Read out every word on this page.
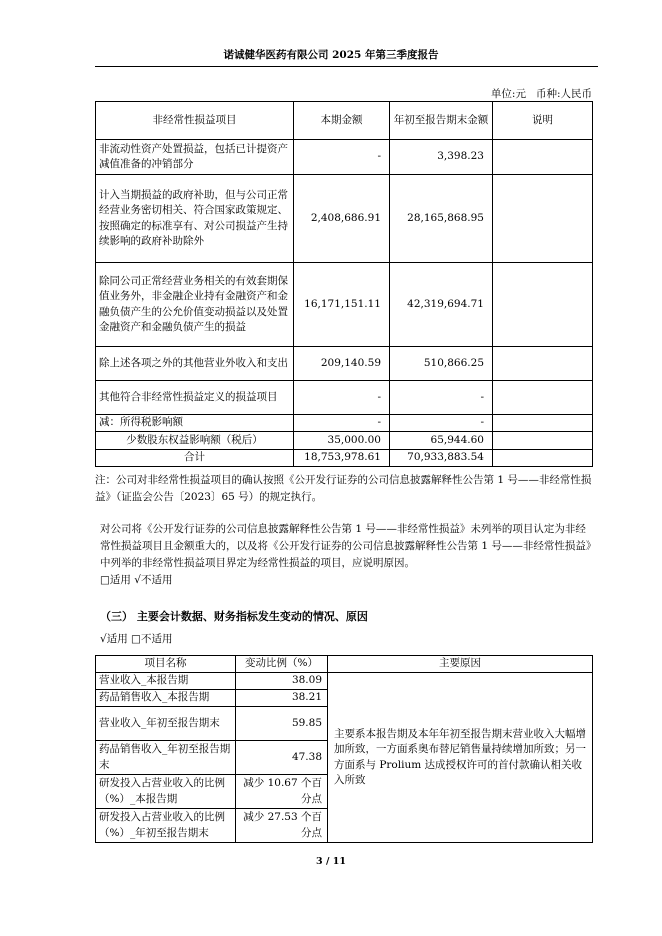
诺诚健华医药有限公司 2025 年第三季度报告
单位:元   币种:人民币
非经常性损益项目	本期金额	年初至报告期末金额	说明
非流动性资产处置损益，包括已计提资产减值准备的冲销部分	-	3,398.23	
计入当期损益的政府补助，但与公司正常经营业务密切相关、符合国家政策规定、按照确定的标准享有、对公司损益产生持续影响的政府补助除外	2,408,686.91	28,165,868.95	
除同公司正常经营业务相关的有效套期保值业务外，非金融企业持有金融资产和金融负债产生的公允价值变动损益以及处置金融资产和金融负债产生的损益	16,171,151.11	42,319,694.71	
除上述各项之外的其他营业外收入和支出	209,140.59	510,866.25	
其他符合非经常性损益定义的损益项目	-	-	
减：所得税影响额	-	-	
少数股东权益影响额（税后）	35,000.00	65,944.60	
合计	18,753,978.61	70,933,883.54	
注：公司对非经常性损益项目的确认按照《公开发行证券的公司信息披露解释性公告第 1 号——非经常性损益》（证监会公告〔2023〕65 号）的规定执行。
对公司将《公开发行证券的公司信息披露解释性公告第 1 号——非经常性损益》未列举的项目认定为非经常性损益项目且金额重大的，以及将《公开发行证券的公司信息披露解释性公告第 1 号——非经常性损益》中列举的非经常性损益项目界定为经常性损益的项目，应说明原因。
□适用 √不适用
（三） 主要会计数据、财务指标发生变动的情况、原因
√适用 □不适用
项目名称	变动比例（%）	主要原因
营业收入_本报告期	38.09	主要系本报告期及本年年初至报告期末营业收入大幅增加所致，一方面系奥布替尼销售量持续增加所致；另一方面系与 Prolium 达成授权许可的首付款确认相关收入所致
药品销售收入_本报告期	38.21	
营业收入_年初至报告期末	59.85	
药品销售收入_年初至报告期末	47.38	
研发投入占营业收入的比例（%）_本报告期	减少 10.67 个百分点	
研发投入占营业收入的比例（%）_年初至报告期末	减少 27.53 个百分点	
3 / 11
